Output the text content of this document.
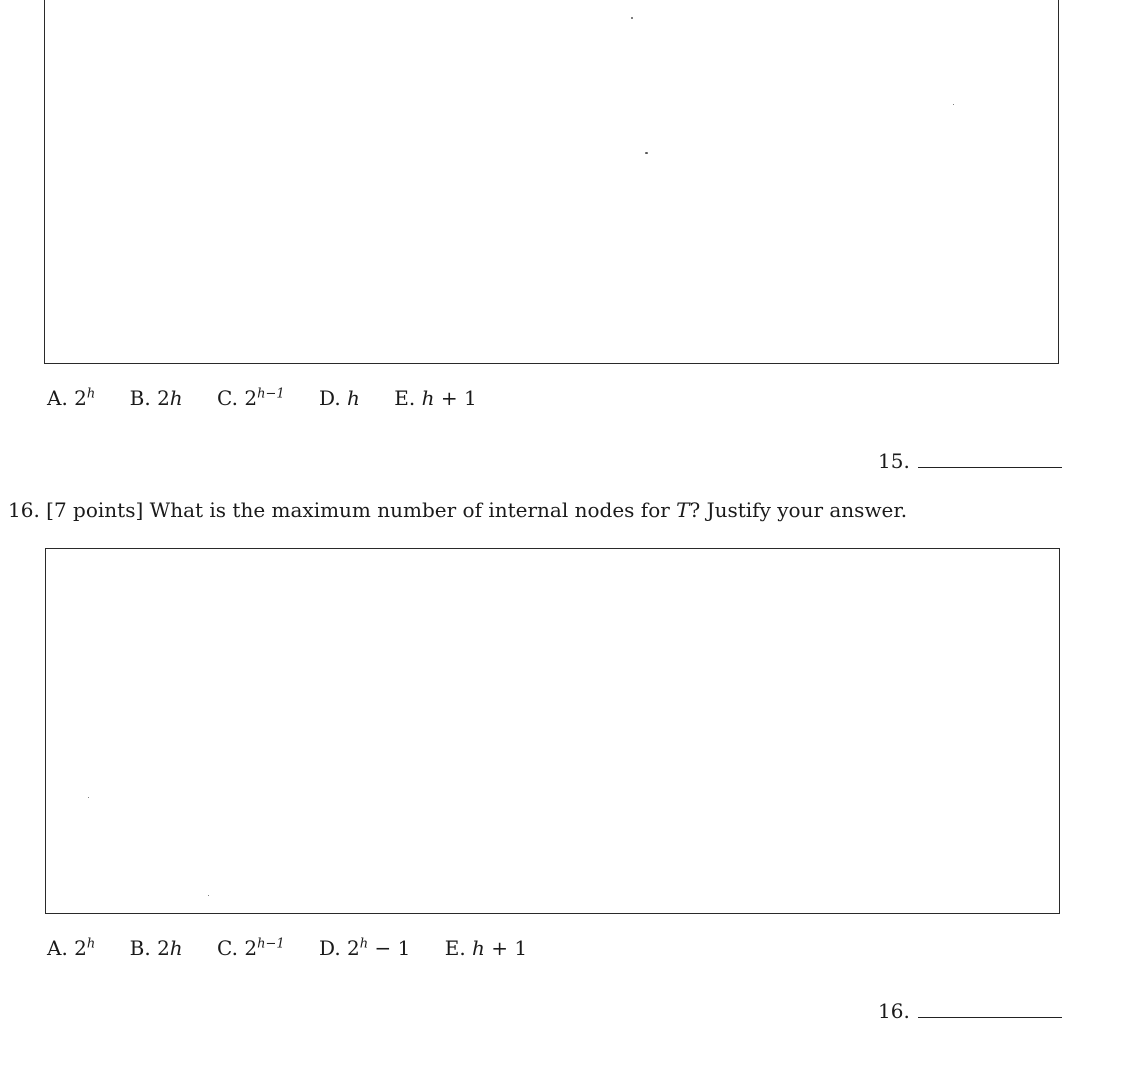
A. 2$^h$ B. 2h C. $2^{h-1}$ D. h E. h + 1
15.
16. [7 points] What is the maximum number of internal nodes for T? Justify your answer.
A. 2$^h$ B. 2h C. $2^{h-1}$ D. $2^h - 1$ E. h + 1
16.
